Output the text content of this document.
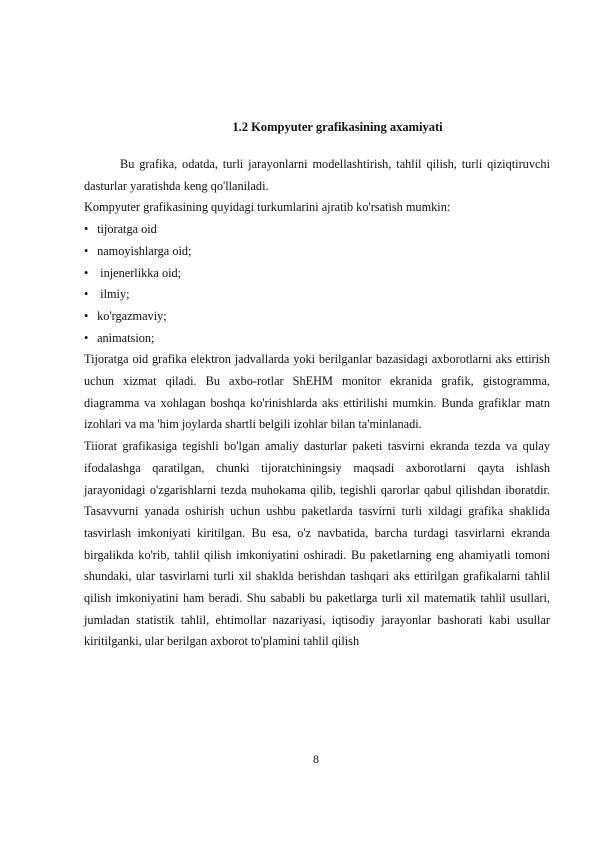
1.2 Kompyuter grafikasining axamiyati

Bu grafika, odatda, turli jarayonlarni modellashtirish, tahlil qilish, turli qiziqtiruvchi dasturlar yaratishda keng qo'llaniladi.

Kompyuter grafikasining quyidagi turkumlarini ajratib ko'rsatish mumkin:

• tijoratga oid
• namoyishlarga oid;
•  injenerlikka oid;
•  ilmiy;
• ko'rgazmaviy;
• animatsion;

Tijoratga oid grafika elektron jadvallarda yoki berilganlar bazasidagi axborotlarni aks ettirish uchun xizmat qiladi. Bu axbo-rotlar ShEHM monitor ekranida grafik, gistogramma, diagramma va xohlagan boshqa ko'rinishlarda aks ettirilishi mumkin. Bunda grafiklar matn izohlari va ma 'him joylarda shartli belgili izohlar bilan ta'minlanadi.

Tiiorat grafikasiga tegishli bo'lgan amaliy dasturlar paketi tasvirni ekranda tezda va qulay ifodalashga qaratilgan, chunki tijoratchiningsiy maqsadi axborotlarni qayta ishlash jarayonidagi o'zgarishlarni tezda muhokama qilib, tegishli qarorlar qabul qilishdan iboratdir. Tasavvurni yanada oshirish uchun ushbu paketlarda tasvirni turli xildagi grafika shaklida tasvirlash imkoniyati kiritilgan. Bu esa, o'z navbatida, barcha turdagi tasvirlarni ekranda birgalikda ko'rib, tahlil qilish imkoniyatini oshiradi. Bu paketlarning eng ahamiyatli tomoni shundaki, ular tasvirlarni turli xil shaklda berishdan tashqari aks ettirilgan grafikalarni tahlil qilish imkoniyatini ham beradi. Shu sababli bu paketlarga turli xil matematik tahlil usullari, jumladan statistik tahlil, ehtimollar nazariyasi, iqtisodiy jarayonlar bashorati kabi usullar kiritilganki, ular berilgan axborot to'plamini tahlil qilish

8
